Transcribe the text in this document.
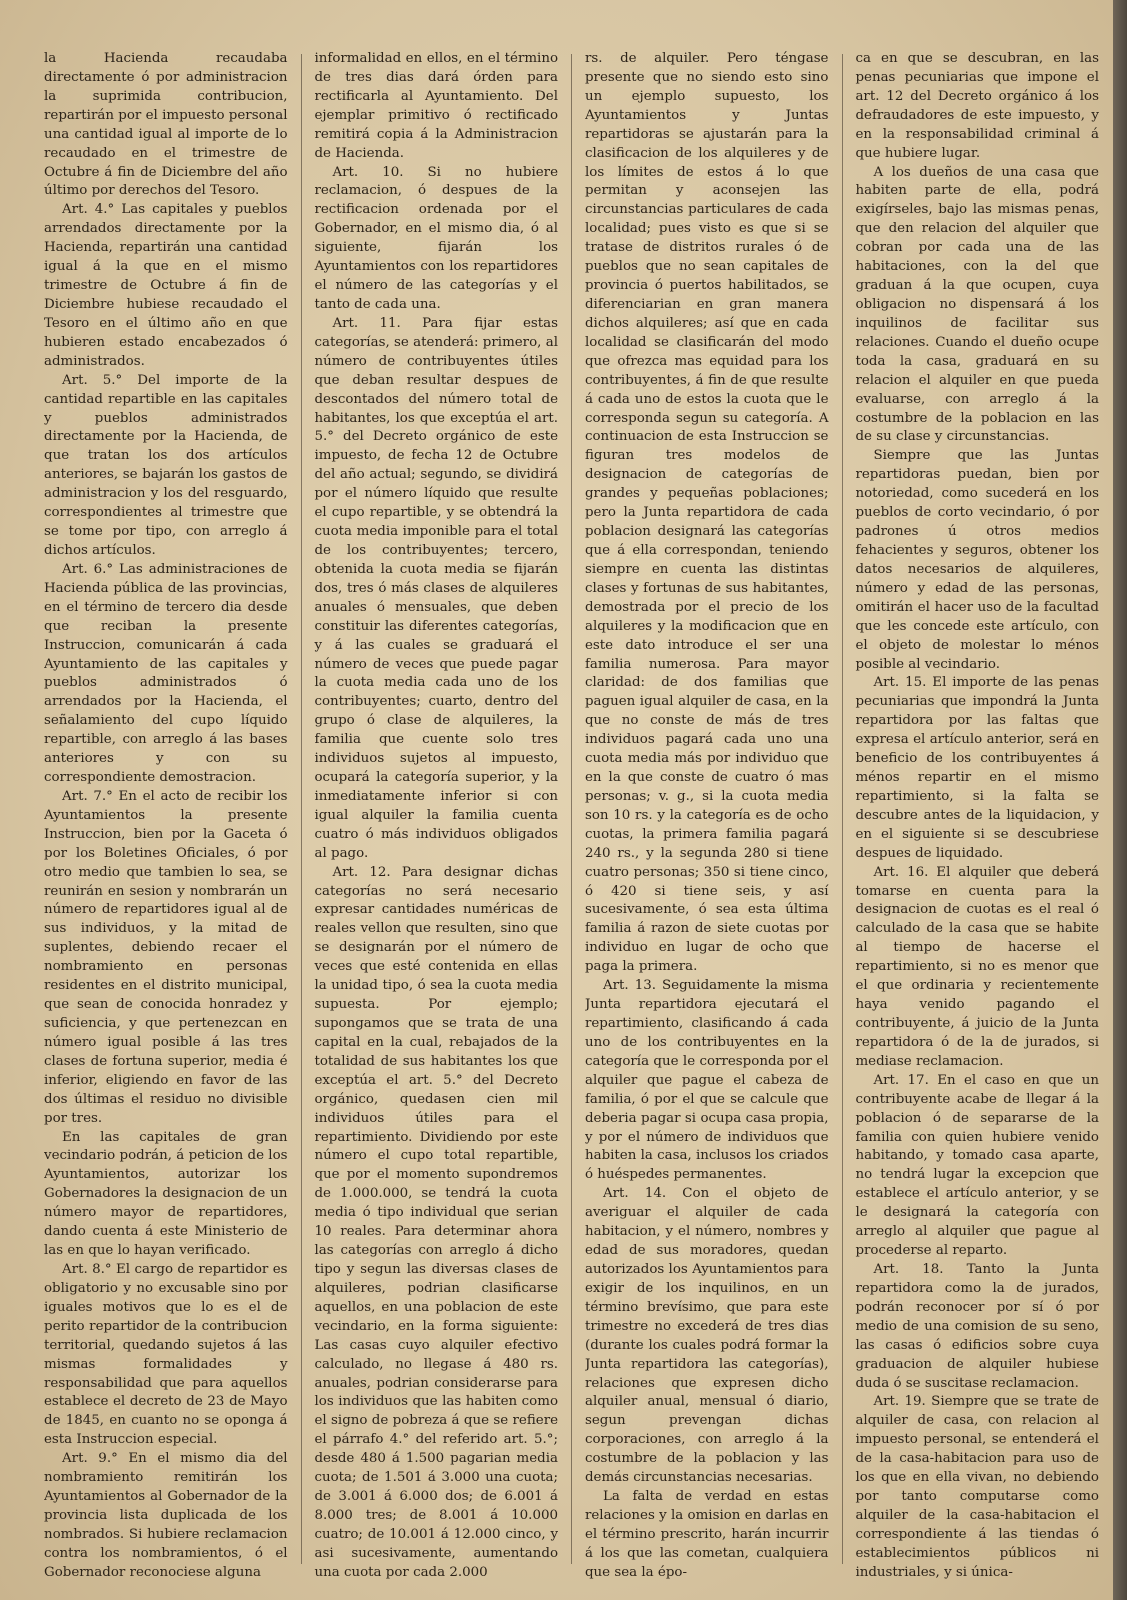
la Hacienda recaudaba directamente ó por administracion la suprimida contribucion, repartirán por el impuesto personal una cantidad igual al importe de lo recaudado en el trimestre de Octubre á fin de Diciembre del año último por derechos del Tesoro.

Art. 4.° Las capitales y pueblos arrendados directamente por la Hacienda, repartirán una cantidad igual á la que en el mismo trimestre de Octubre á fin de Diciembre hubiese recaudado el Tesoro en el último año en que hubieren estado encabezados ó administrados.

Art. 5.° Del importe de la cantidad repartible en las capitales y pueblos administrados directamente por la Hacienda, de que tratan los dos artículos anteriores, se bajarán los gastos de administracion y los del resguardo, correspondientes al trimestre que se tome por tipo, con arreglo á dichos artículos.

Art. 6.° Las administraciones de Hacienda pública de las provincias, en el término de tercero dia desde que reciban la presente Instruccion, comunicarán á cada Ayuntamiento de las capitales y pueblos administrados ó arrendados por la Hacienda, el señalamiento del cupo líquido repartible, con arreglo á las bases anteriores y con su correspondiente demostracion.

Art. 7.° En el acto de recibir los Ayuntamientos la presente Instruccion, bien por la Gaceta ó por los Boletines Oficiales, ó por otro medio que tambien lo sea, se reunirán en sesion y nombrarán un número de repartidores igual al de sus individuos, y la mitad de suplentes, debiendo recaer el nombramiento en personas residentes en el distrito municipal, que sean de conocida honradez y suficiencia, y que pertenezcan en número igual posible á las tres clases de fortuna superior, media é inferior, eligiendo en favor de las dos últimas el residuo no divisible por tres.

En las capitales de gran vecindario podrán, á peticion de los Ayuntamientos, autorizar los Gobernadores la designacion de un número mayor de repartidores, dando cuenta á este Ministerio de las en que lo hayan verificado.

Art. 8.° El cargo de repartidor es obligatorio y no excusable sino por iguales motivos que lo es el de perito repartidor de la contribucion territorial, quedando sujetos á las mismas formalidades y responsabilidad que para aquellos establece el decreto de 23 de Mayo de 1845, en cuanto no se oponga á esta Instruccion especial.

Art. 9.° En el mismo dia del nombramiento remitirán los Ayuntamientos al Gobernador de la provincia lista duplicada de los nombrados. Si hubiere reclamacion contra los nombramientos, ó el Gobernador reconociese alguna

informalidad en ellos, en el término de tres dias dará órden para rectificarla al Ayuntamiento. Del ejemplar primitivo ó rectificado remitirá copia á la Administracion de Hacienda.

Art. 10. Si no hubiere reclamacion, ó despues de la rectificacion ordenada por el Gobernador, en el mismo dia, ó al siguiente, fijarán los Ayuntamientos con los repartidores el número de las categorías y el tanto de cada una.

Art. 11. Para fijar estas categorías, se atenderá: primero, al número de contribuyentes útiles que deban resultar despues de descontados del número total de habitantes, los que exceptúa el art. 5.° del Decreto orgánico de este impuesto, de fecha 12 de Octubre del año actual; segundo, se dividirá por el número líquido que resulte el cupo repartible, y se obtendrá la cuota media imponible para el total de los contribuyentes; tercero, obtenida la cuota media se fijarán dos, tres ó más clases de alquileres anuales ó mensuales, que deben constituir las diferentes categorías, y á las cuales se graduará el número de veces que puede pagar la cuota media cada uno de los contribuyentes; cuarto, dentro del grupo ó clase de alquileres, la familia que cuente solo tres individuos sujetos al impuesto, ocupará la categoría superior, y la inmediatamente inferior si con igual alquiler la familia cuenta cuatro ó más individuos obligados al pago.

Art. 12. Para designar dichas categorías no será necesario expresar cantidades numéricas de reales vellon que resulten, sino que se designarán por el número de veces que esté contenida en ellas la unidad tipo, ó sea la cuota media supuesta. Por ejemplo; supongamos que se trata de una capital en la cual, rebajados de la totalidad de sus habitantes los que exceptúa el art. 5.° del Decreto orgánico, quedasen cien mil individuos útiles para el repartimiento. Dividiendo por este número el cupo total repartible, que por el momento supondremos de 1.000.000, se tendrá la cuota media ó tipo individual que serian 10 reales. Para determinar ahora las categorías con arreglo á dicho tipo y segun las diversas clases de alquileres, podrian clasificarse aquellos, en una poblacion de este vecindario, en la forma siguiente: Las casas cuyo alquiler efectivo calculado, no llegase á 480 rs. anuales, podrian considerarse para los individuos que las habiten como el signo de pobreza á que se refiere el párrafo 4.° del referido art. 5.°; desde 480 á 1.500 pagarian media cuota; de 1.501 á 3.000 una cuota; de 3.001 á 6.000 dos; de 6.001 á 8.000 tres; de 8.001 á 10.000 cuatro; de 10.001 á 12.000 cinco, y asi sucesivamente, aumentando una cuota por cada 2.000

rs. de alquiler. Pero téngase presente que no siendo esto sino un ejemplo supuesto, los Ayuntamientos y Juntas repartidoras se ajustarán para la clasificacion de los alquileres y de los límites de estos á lo que permitan y aconsejen las circunstancias particulares de cada localidad; pues visto es que si se tratase de distritos rurales ó de pueblos que no sean capitales de provincia ó puertos habilitados, se diferenciarian en gran manera dichos alquileres; así que en cada localidad se clasificarán del modo que ofrezca mas equidad para los contribuyentes, á fin de que resulte á cada uno de estos la cuota que le corresponda segun su categoría. A continuacion de esta Instruccion se figuran tres modelos de designacion de categorías de grandes y pequeñas poblaciones; pero la Junta repartidora de cada poblacion designará las categorías que á ella correspondan, teniendo siempre en cuenta las distintas clases y fortunas de sus habitantes, demostrada por el precio de los alquileres y la modificacion que en este dato introduce el ser una familia numerosa. Para mayor claridad: de dos familias que paguen igual alquiler de casa, en la que no conste de más de tres individuos pagará cada uno una cuota media más por individuo que en la que conste de cuatro ó mas personas; v. g., si la cuota media son 10 rs. y la categoría es de ocho cuotas, la primera familia pagará 240 rs., y la segunda 280 si tiene cuatro personas; 350 si tiene cinco, ó 420 si tiene seis, y así sucesivamente, ó sea esta última familia á razon de siete cuotas por individuo en lugar de ocho que paga la primera.

Art. 13. Seguidamente la misma Junta repartidora ejecutará el repartimiento, clasificando á cada uno de los contribuyentes en la categoría que le corresponda por el alquiler que pague el cabeza de familia, ó por el que se calcule que deberia pagar si ocupa casa propia, y por el número de individuos que habiten la casa, inclusos los criados ó huéspedes permanentes.

Art. 14. Con el objeto de averiguar el alquiler de cada habitacion, y el número, nombres y edad de sus moradores, quedan autorizados los Ayuntamientos para exigir de los inquilinos, en un término brevísimo, que para este trimestre no excederá de tres dias (durante los cuales podrá formar la Junta repartidora las categorías), relaciones que expresen dicho alquiler anual, mensual ó diario, segun prevengan dichas corporaciones, con arreglo á la costumbre de la poblacion y las demás circunstancias necesarias.

La falta de verdad en estas relaciones y la omision en darlas en el término prescrito, harán incurrir á los que las cometan, cualquiera que sea la épo-

ca en que se descubran, en las penas pecuniarias que impone el art. 12 del Decreto orgánico á los defraudadores de este impuesto, y en la responsabilidad criminal á que hubiere lugar.

A los dueños de una casa que habiten parte de ella, podrá exigírseles, bajo las mismas penas, que den relacion del alquiler que cobran por cada una de las habitaciones, con la del que graduan á la que ocupen, cuya obligacion no dispensará á los inquilinos de facilitar sus relaciones. Cuando el dueño ocupe toda la casa, graduará en su relacion el alquiler en que pueda evaluarse, con arreglo á la costumbre de la poblacion en las de su clase y circunstancias.

Siempre que las Juntas repartidoras puedan, bien por notoriedad, como sucederá en los pueblos de corto vecindario, ó por padrones ú otros medios fehacientes y seguros, obtener los datos necesarios de alquileres, número y edad de las personas, omitirán el hacer uso de la facultad que les concede este artículo, con el objeto de molestar lo ménos posible al vecindario.

Art. 15. El importe de las penas pecuniarias que impondrá la Junta repartidora por las faltas que expresa el artículo anterior, será en beneficio de los contribuyentes á ménos repartir en el mismo repartimiento, si la falta se descubre antes de la liquidacion, y en el siguiente si se descubriese despues de liquidado.

Art. 16. El alquiler que deberá tomarse en cuenta para la designacion de cuotas es el real ó calculado de la casa que se habite al tiempo de hacerse el repartimiento, si no es menor que el que ordinaria y recientemente haya venido pagando el contribuyente, á juicio de la Junta repartidora ó de la de jurados, si mediase reclamacion.

Art. 17. En el caso en que un contribuyente acabe de llegar á la poblacion ó de separarse de la familia con quien hubiere venido habitando, y tomado casa aparte, no tendrá lugar la excepcion que establece el artículo anterior, y se le designará la categoría con arreglo al alquiler que pague al procederse al reparto.

Art. 18. Tanto la Junta repartidora como la de jurados, podrán reconocer por sí ó por medio de una comision de su seno, las casas ó edificios sobre cuya graduacion de alquiler hubiese duda ó se suscitase reclamacion.

Art. 19. Siempre que se trate de alquiler de casa, con relacion al impuesto personal, se entenderá el de la casa-habitacion para uso de los que en ella vivan, no debiendo por tanto computarse como alquiler de la casa-habitacion el correspondiente á las tiendas ó establecimientos públicos ni industriales, y si única-
